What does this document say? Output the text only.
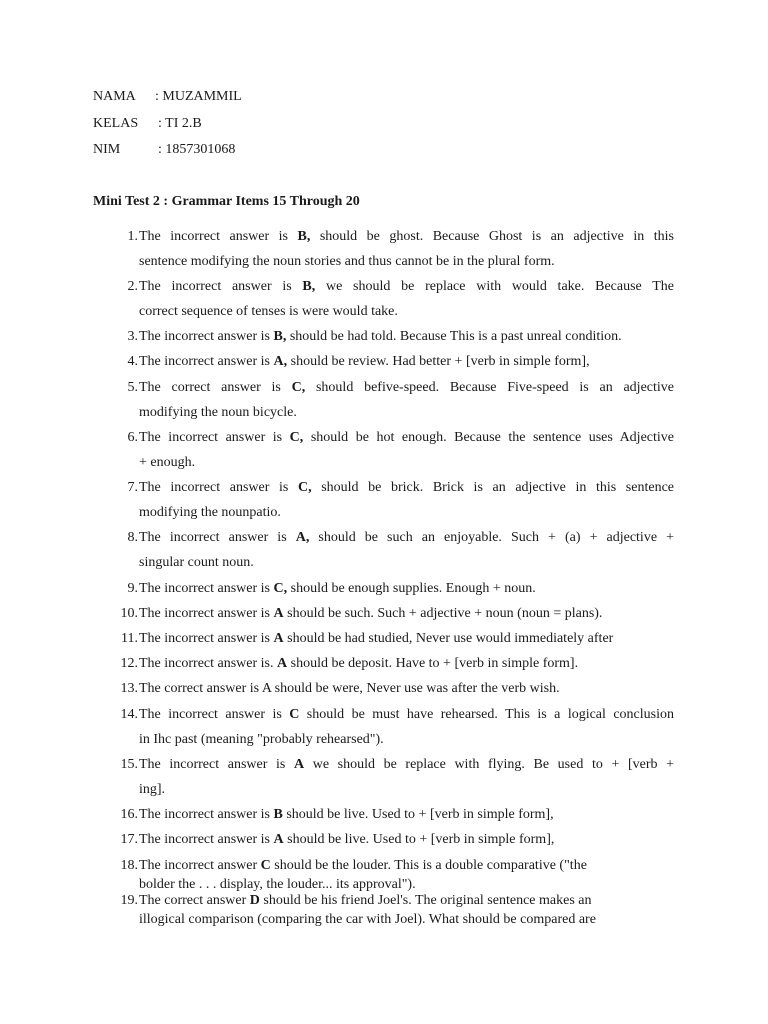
NAMA : MUZAMMIL
KELAS : TI 2.B
NIM	: 1857301068
Mini Test 2 : Grammar Items 15 Through 20
1. The incorrect answer is B, should be ghost. Because Ghost is an adjective in this
sentence modifying the noun stories and thus cannot be in the plural form.
2. The incorrect answer is B, we should be replace with would take. Because The
correct sequence of tenses is were would take.
3. The incorrect answer is B, should be had told. Because This is a past unreal condition.
4. The incorrect answer is A, should be review. Had better + [verb in simple form],
5. The correct answer is C, should befive-speed. Because Five-speed is an adjective
modifying the noun bicycle.
6. The incorrect answer is C, should be hot enough. Because the sentence uses Adjective
+ enough.
7. The incorrect answer is C, should be brick. Brick is an adjective in this sentence
modifying the nounpatio.
8. The incorrect answer is A, should be such an enjoyable. Such + (a) + adjective +
singular count noun.
9. The incorrect answer is C, should be enough supplies. Enough + noun.
10. The incorrect answer is A should be such. Such + adjective + noun (noun = plans).
11. The incorrect answer is A should be had studied, Never use would immediately after
12. The incorrect answer is. A should be deposit. Have to + [verb in simple form].
13. The correct answer is A should be were, Never use was after the verb wish.
14. The incorrect answer is C should be must have rehearsed. This is a logical conclusion
in Ihc past (meaning "probably rehearsed").
15. The incorrect answer is A we should be replace with flying. Be used to + [verb +
ing].
16. The incorrect answer is B should be live. Used to + [verb in simple form],
17. The incorrect answer is A should be live. Used to + [verb in simple form],
18. The incorrect answer C should be the louder. This is a double comparative ("the
bolder the . . . display, the louder... its approval").
19. The correct answer D should be his friend Joel's. The original sentence makes an
illogical comparison (comparing the car with Joel). What should be compared are
